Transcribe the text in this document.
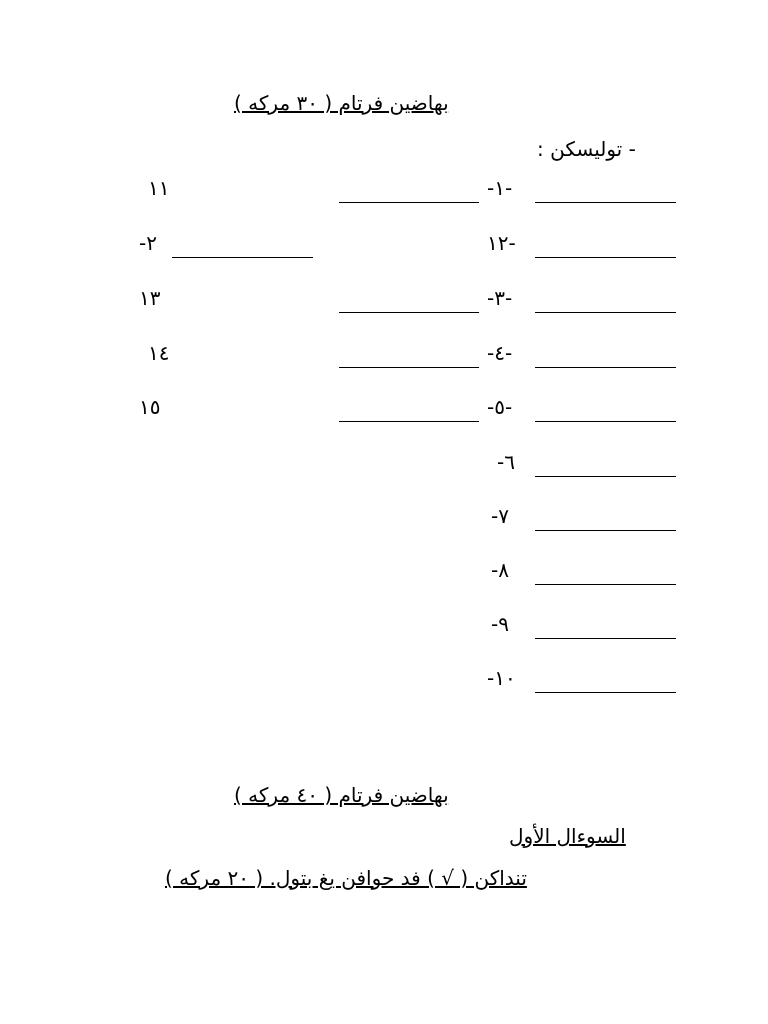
بهاضين فرتام ( ٣٠ مركه )
: توليسكن -
-١-
١٢-
-٣-
-٤-
-٥-
-٦
-٧
-٨
-٩
-١٠
١١
-٢
١٣
١٤
١٥
بهاضين فرتام ( ٤٠ مركه )
السوءال الأول
تنداكن ( √ ) فد حوافن يغ بتول. ( ٢٠ مركه )
